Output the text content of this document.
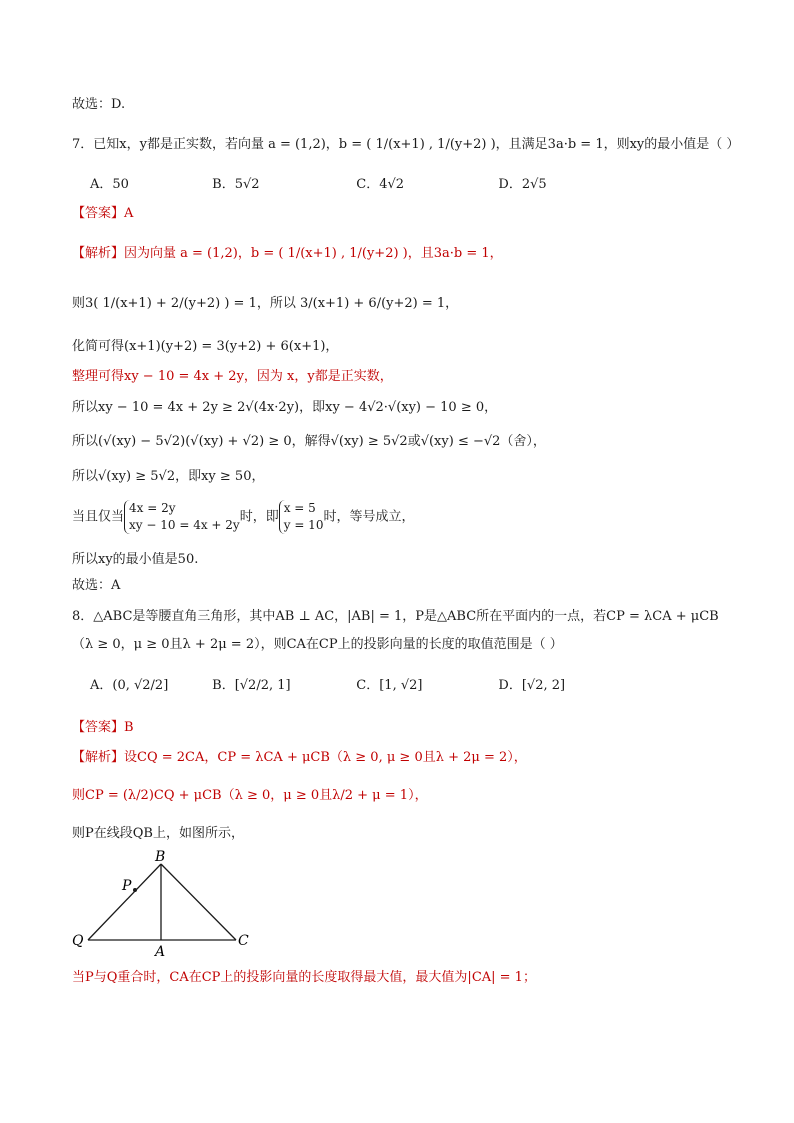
故选：D.
7．已知x，y都是正实数，若向量 a = (1,2)，b = ( 1/(x+1) , 1/(y+2) )，且满足3a·b = 1，则xy的最小值是（ ）
A．50	B．5√2	C．4√2	D．2√5
【答案】A
【解析】因为向量 a = (1,2)，b = ( 1/(x+1) , 1/(y+2) )，且3a·b = 1，
则3( 1/(x+1) + 2/(y+2) ) = 1，所以 3/(x+1) + 6/(y+2) = 1，
化简可得(x+1)(y+2) = 3(y+2) + 6(x+1)，
整理可得xy − 10 = 4x + 2y，因为 x，y都是正实数，
所以xy − 10 = 4x + 2y ≥ 2√(4x·2y)，即xy − 4√2·√(xy) − 10 ≥ 0，
所以(√(xy) − 5√2)(√(xy) + √2) ≥ 0，解得√(xy) ≥ 5√2或√(xy) ≤ −√2（舍），
所以√(xy) ≥ 5√2，即xy ≥ 50，
当且仅当4x = 2y
xy − 10 = 4x + 2y时，即x = 5
y = 10时，等号成立，
所以xy的最小值是50.
故选：A
8．△ABC是等腰直角三角形，其中AB ⊥ AC，|AB| = 1，P是△ABC所在平面内的一点，若CP = λCA + μCB
（λ ≥ 0，μ ≥ 0且λ + 2μ = 2），则CA在CP上的投影向量的长度的取值范围是（ ）
A．(0, √2/2]	B．[√2/2, 1]	C．[1, √2]	D．[√2, 2]
【答案】B
【解析】设CQ = 2CA，CP = λCA + μCB（λ ≥ 0, μ ≥ 0且λ + 2μ = 2），
则CP = (λ/2)CQ + μCB（λ ≥ 0，μ ≥ 0且λ/2 + μ = 1），
则P在线段QB上，如图所示，
B
P
Q
A
C
当P与Q重合时，CA在CP上的投影向量的长度取得最大值，最大值为|CA| = 1；
